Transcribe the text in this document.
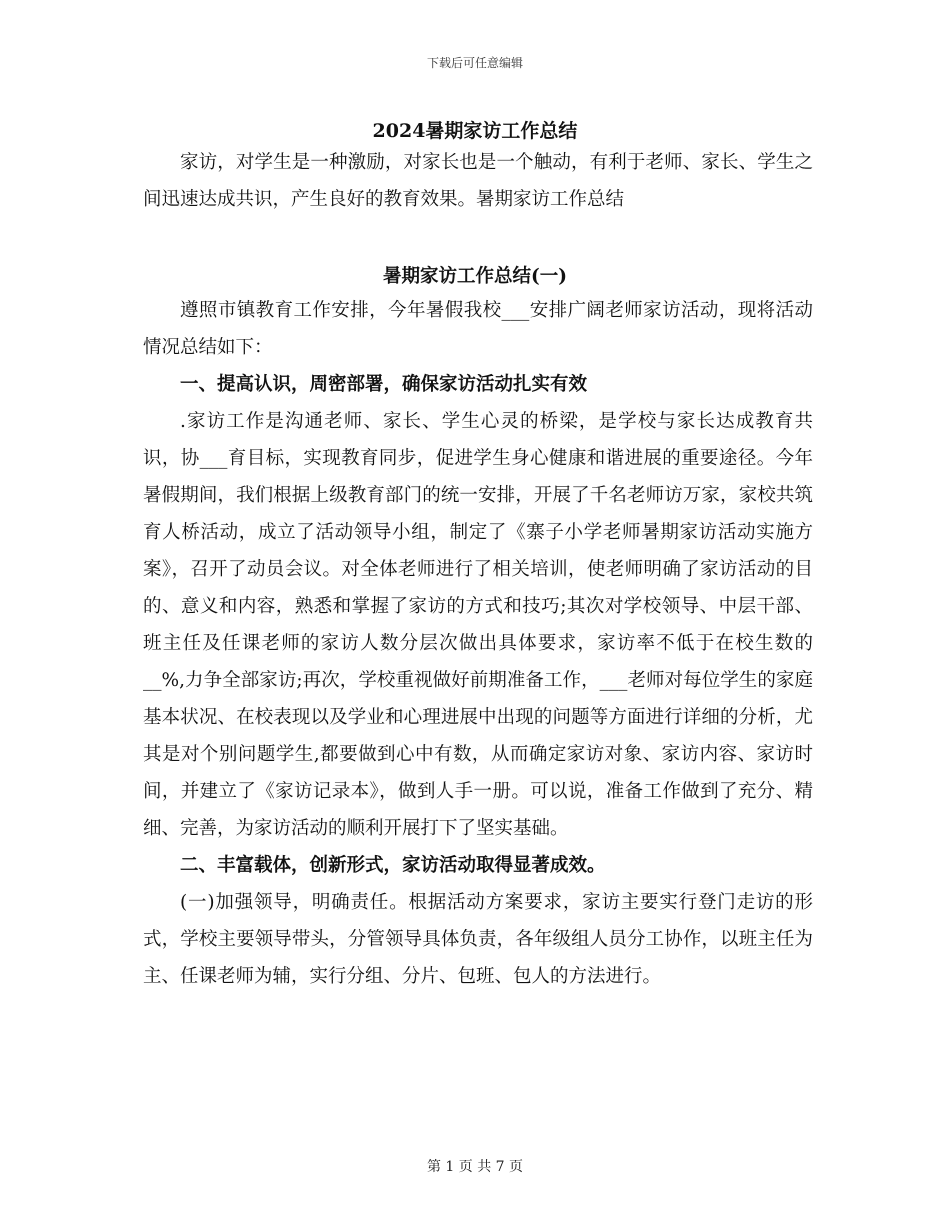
下载后可任意编辑
2024暑期家访工作总结

家访，对学生是一种激励，对家长也是一个触动，有利于老师、家长、学生之间迅速达成共识，产生良好的教育效果。暑期家访工作总结

暑期家访工作总结(一)

遵照市镇教育工作安排，今年暑假我校___安排广阔老师家访活动，现将活动情况总结如下：

一、提高认识，周密部署，确保家访活动扎实有效

.家访工作是沟通老师、家长、学生心灵的桥梁，是学校与家长达成教育共识，协___育目标，实现教育同步，促进学生身心健康和谐进展的重要途径。今年暑假期间，我们根据上级教育部门的统一安排，开展了千名老师访万家，家校共筑育人桥活动，成立了活动领导小组，制定了《寨子小学老师暑期家访活动实施方案》，召开了动员会议。对全体老师进行了相关培训，使老师明确了家访活动的目的、意义和内容，熟悉和掌握了家访的方式和技巧;其次对学校领导、中层干部、班主任及任课老师的家访人数分层次做出具体要求，家访率不低于在校生数的__%,力争全部家访;再次，学校重视做好前期准备工作，___老师对每位学生的家庭基本状况、在校表现以及学业和心理进展中出现的问题等方面进行详细的分析，尤其是对个别问题学生,都要做到心中有数，从而确定家访对象、家访内容、家访时间，并建立了《家访记录本》，做到人手一册。可以说，准备工作做到了充分、精细、完善，为家访活动的顺利开展打下了坚实基础。

二、丰富载体，创新形式，家访活动取得显著成效。

(一)加强领导，明确责任。根据活动方案要求，家访主要实行登门走访的形式，学校主要领导带头，分管领导具体负责，各年级组人员分工协作，以班主任为主、任课老师为辅，实行分组、分片、包班、包人的方法进行。

第 1 页 共 7 页
